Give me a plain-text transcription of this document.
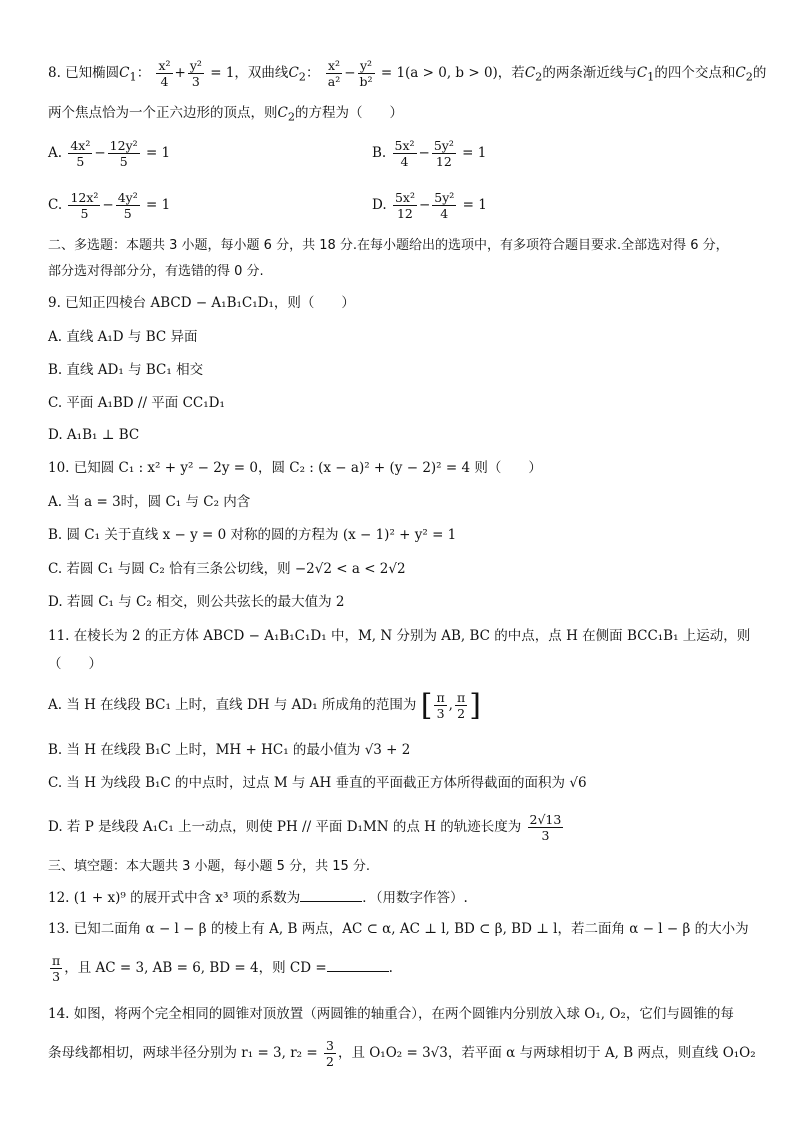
8. 已知椭圆$C_1$： $\frac{\text{x²}}{4} + \frac{\text{y²}}{3} = 1$，双曲线$C_2$： $\frac{\text{x²}}{\text{a²}} - \frac{\text{y²}}{\text{b²}} = 1(a > 0$, b > 0)，若$C_2$的两条渐近线与$C_1$的四个交点和$C_2$的
两个焦点恰为一个正六边形的顶点，则$C_2$的方程为（　　）
A. $\frac{\text{4x²}}{5} - \frac{\text{12y²}}{5} = 1$	B. $\frac{\text{5x²}}{4} - \frac{\text{5y²}}{12} = 1$
C. $\frac{\text{12x²}}{5} - \frac{\text{4y²}}{5} = 1$	D. $\frac{\text{5x²}}{12} - \frac{\text{5y²}}{4} = 1$
二、多选题：本题共 3 小题，每小题 6 分，共 18 分.在每小题给出的选项中，有多项符合题目要求.全部选对得 6 分，
部分选对得部分分，有选错的得 0 分.
9. 已知正四棱台 ABCD − A₁B₁C₁D₁，则（　　）
A. 直线 A₁D 与 BC 异面
B. 直线 AD₁ 与 BC₁ 相交
C. 平面 A₁BD // 平面 CC₁D₁
D. A₁B₁ ⊥ BC
10. 已知圆 C₁ : x² + y² − 2y = 0，圆 C₂ : (x − a)² + (y − 2)² = 4 则（　　）
A. 当 a = 3时，圆 C₁ 与 C₂ 内含
B. 圆 C₁ 关于直线 x − y = 0 对称的圆的方程为 (x − 1)² + y² = 1
C. 若圆 C₁ 与圆 C₂ 恰有三条公切线，则 −2√2 < a < 2√2
D. 若圆 C₁ 与 C₂ 相交，则公共弦长的最大值为 2
11. 在棱长为 2 的正方体 ABCD − A₁B₁C₁D₁ 中，M, N 分别为 AB, BC 的中点，点 H 在侧面 BCC₁B₁ 上运动，则
（　　）
A. 当 H 在线段 BC₁ 上时，直线 DH 与 AD₁ 所成角的范围为 [ $\frac{\pi}{3}$ , $\frac{\pi}{2}$ ]
B. 当 H 在线段 B₁C 上时，MH + HC₁ 的最小值为 √3 + 2
C. 当 H 为线段 B₁C 的中点时，过点 M 与 AH 垂直的平面截正方体所得截面的面积为 √6
D. 若 P 是线段 A₁C₁ 上一动点，则使 PH // 平面 D₁MN 的点 H 的轨迹长度为 $\frac{2√13}{3}$
三、填空题：本大题共 3 小题，每小题 5 分，共 15 分.
12. (1 + x)⁹ 的展开式中含 x³ 项的系数为	．（用数字作答）.
13. 已知二面角 α − l − β 的棱上有 A, B 两点，AC ⊂ α, AC ⊥ l, BD ⊂ β, BD ⊥ l，若二面角 α − l − β 的大小为
$\frac{\pi}{3}$ ，且 AC = 3, AB = 6, BD = 4，则 CD =	.
14. 如图，将两个完全相同的圆锥对顶放置（两圆锥的轴重合），在两个圆锥内分别放入球 O₁, O₂，它们与圆锥的每
条母线都相切，两球半径分别为 r₁ = 3, $r_2 = \frac{3}{2}$ ，且 O₁O₂ = 3√3，若平面 α 与两球相切于 A, B 两点，则直线 O₁O₂
